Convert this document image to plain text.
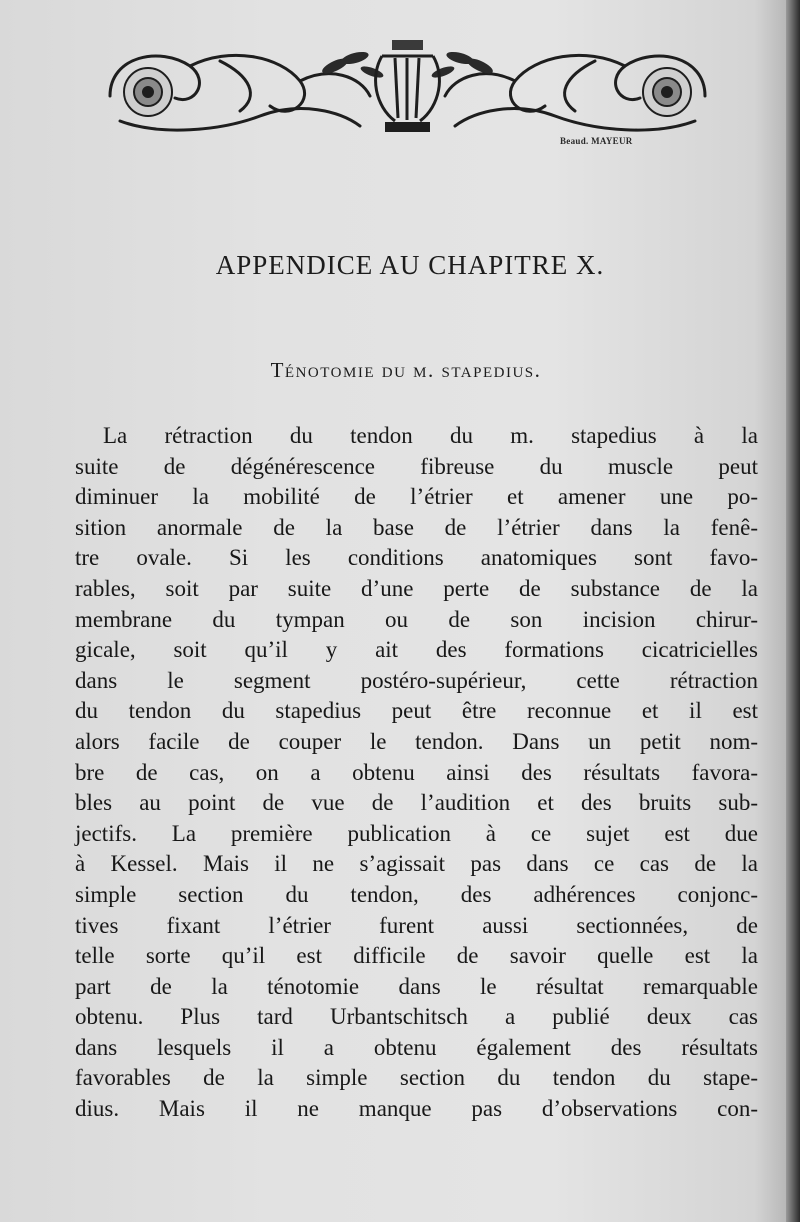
Beaud. MAYEUR
APPENDICE AU CHAPITRE X.
Ténotomie du m. stapedius.
La rétraction du tendon du m. stapedius à la
suite de dégénérescence fibreuse du muscle peut
diminuer la mobilité de l’étrier et amener une po-
sition anormale de la base de l’étrier dans la fenê-
tre ovale. Si les conditions anatomiques sont favo-
rables, soit par suite d’une perte de substance de la
membrane du tympan ou de son incision chirur-
gicale, soit qu’il y ait des formations cicatricielles
dans le segment postéro-supérieur, cette rétraction
du tendon du stapedius peut être reconnue et il est
alors facile de couper le tendon. Dans un petit nom-
bre de cas, on a obtenu ainsi des résultats favora-
bles au point de vue de l’audition et des bruits sub-
jectifs. La première publication à ce sujet est due
à Kessel. Mais il ne s’agissait pas dans ce cas de la
simple section du tendon, des adhérences conjonc-
tives fixant l’étrier furent aussi sectionnées, de
telle sorte qu’il est difficile de savoir quelle est la
part de la ténotomie dans le résultat remarquable
obtenu. Plus tard Urbantschitsch a publié deux cas
dans lesquels il a obtenu également des résultats
favorables de la simple section du tendon du stape-
dius. Mais il ne manque pas d’observations con-
